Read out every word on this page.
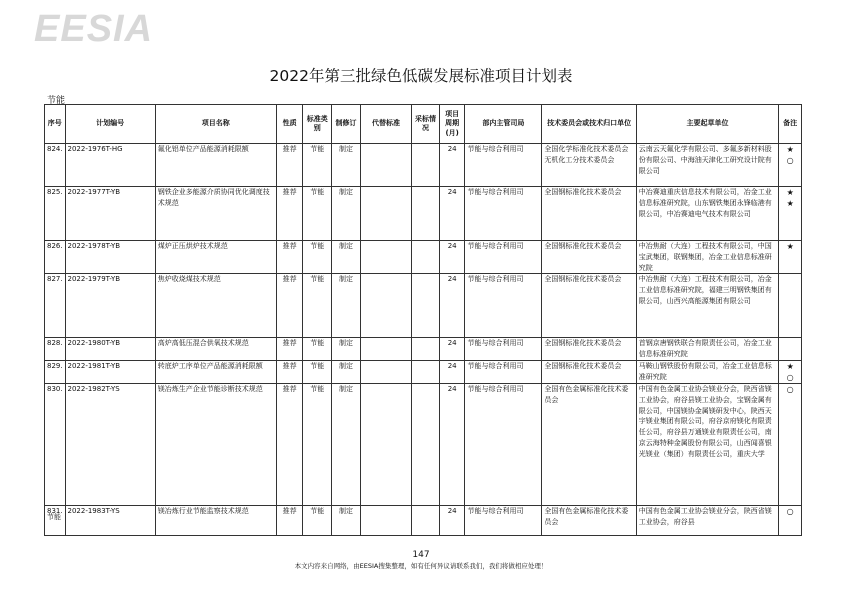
EESIA
2022年第三批绿色低碳发展标准项目计划表
节能
序号	计划编号	项目名称	性质	标准类别	制修订	代替标准	采标情况	项目周期(月)	部内主管司局	技术委员会或技术归口单位	主要起草单位	备注
824.	2022-1976T-HG	氟化铝单位产品能源消耗限额	推荐	节能	制定			24	节能与综合利用司	全国化学标准化技术委员会无机化工分技术委员会	云南云天氟化学有限公司、多氟多新材料股份有限公司、中海油天津化工研究设计院有限公司	★
○
825.	2022-1977T-YB	钢铁企业多能源介质协同优化调度技术规范	推荐	节能	制定			24	节能与综合利用司	全国钢标准化技术委员会	中冶赛迪重庆信息技术有限公司，冶金工业信息标准研究院，山东钢铁集团永锋临港有限公司，中冶赛迪电气技术有限公司	★
★
826.	2022-1978T-YB	煤炉正压烘炉技术规范	推荐	节能	制定			24	节能与综合利用司	全国钢标准化技术委员会	中冶焦耐（大连）工程技术有限公司，中国宝武集团，联钢集团，冶金工业信息标准研究院	★
827.	2022-1979T-YB	焦炉收烧煤技术规范	推荐	节能	制定			24	节能与综合利用司	全国钢标准化技术委员会	中冶焦耐（大连）工程技术有限公司，冶金工业信息标准研究院，福建三明钢铁集团有限公司，山西兴高能源集团有限公司	
828.	2022-1980T-YB	高炉高低压混合供氧技术规范	推荐	节能	制定			24	节能与综合利用司	全国钢标准化技术委员会	首钢京唐钢铁联合有限责任公司，冶金工业信息标准研究院	
829.	2022-1981T-YB	转底炉工序单位产品能源消耗限额	推荐	节能	制定			24	节能与综合利用司	全国钢标准化技术委员会	马鞍山钢铁股份有限公司，冶金工业信息标准研究院	★
○
830.	2022-1982T-YS	镁冶炼生产企业节能诊断技术规范	推荐	节能	制定			24	节能与综合利用司	全国有色金属标准化技术委员会	中国有色金属工业协会镁业分会，陕西省镁工业协会，府谷县镁工业协会，宝钢金属有限公司，中国镁协金属镁研发中心，陕西天宇镁业集团有限公司，府谷京府镁化有限责任公司，府谷县万通镁业有限责任公司，南京云海特种金属股份有限公司，山西闻喜银光镁业（集团）有限责任公司，重庆大学	○
831.	2022-1983T-YS	镁冶炼行业节能监察技术规范	推荐	节能	制定			24	节能与综合利用司	全国有色金属标准化技术委员会	中国有色金属工业协会镁业分会，陕西省镁工业协会，府谷县	○
节能
147
本文内容来自网络，由EESIA搜集整理，如有任何异议请联系我们，我们将做相应处理！
